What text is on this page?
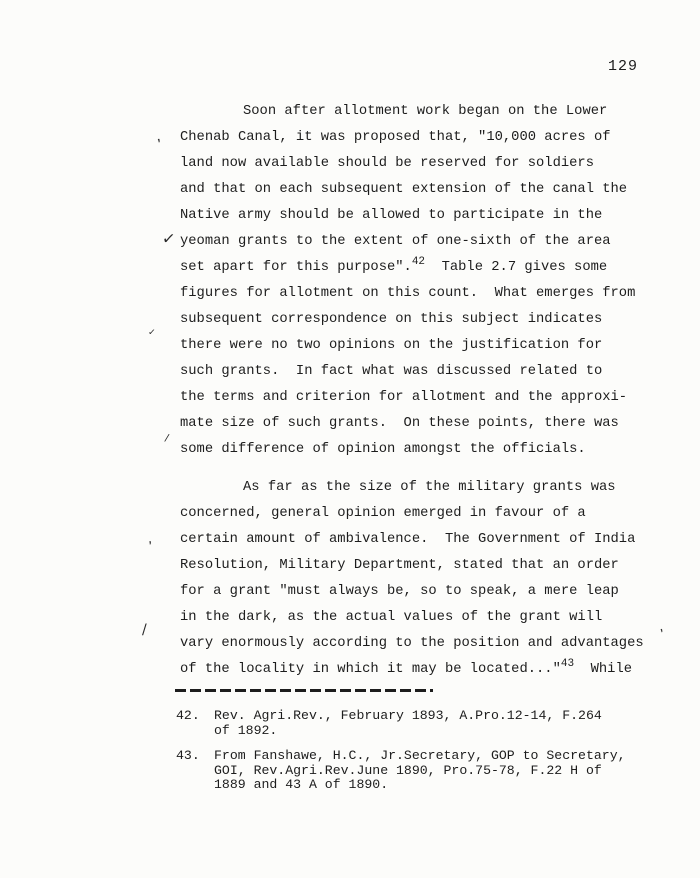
129
Soon after allotment work began on the Lower
Chenab Canal, it was proposed that, "10,000 acres of
land now available should be reserved for soldiers
and that on each subsequent extension of the canal the
Native army should be allowed to participate in the
yeoman grants to the extent of one-sixth of the area
set apart for this purpose".$^{42}$  Table 2.7 gives some
figures for allotment on this count.  What emerges from
subsequent correspondence on this subject indicates
there were no two opinions on the justification for
such grants.  In fact what was discussed related to
the terms and criterion for allotment and the approxi-
mate size of such grants.  On these points, there was
some difference of opinion amongst the officials.
As far as the size of the military grants was
concerned, general opinion emerged in favour of a
certain amount of ambivalence.  The Government of India
Resolution, Military Department, stated that an order
for a grant "must always be, so to speak, a mere leap
in the dark, as the actual values of the grant will
vary enormously according to the position and advantages
of the locality in which it may be located..."$^{43}$  While
42.	Rev. Agri.Rev., February 1893, A.Pro.12-14, F.264
of 1892.
43.	From Fanshawe, H.C., Jr.Secretary, GOP to Secretary,
GOI, Rev.Agri.Rev.June 1890, Pro.75-78, F.22 H of
1889 and 43 A of 1890.
,
✓
✓
/
,
/	,
